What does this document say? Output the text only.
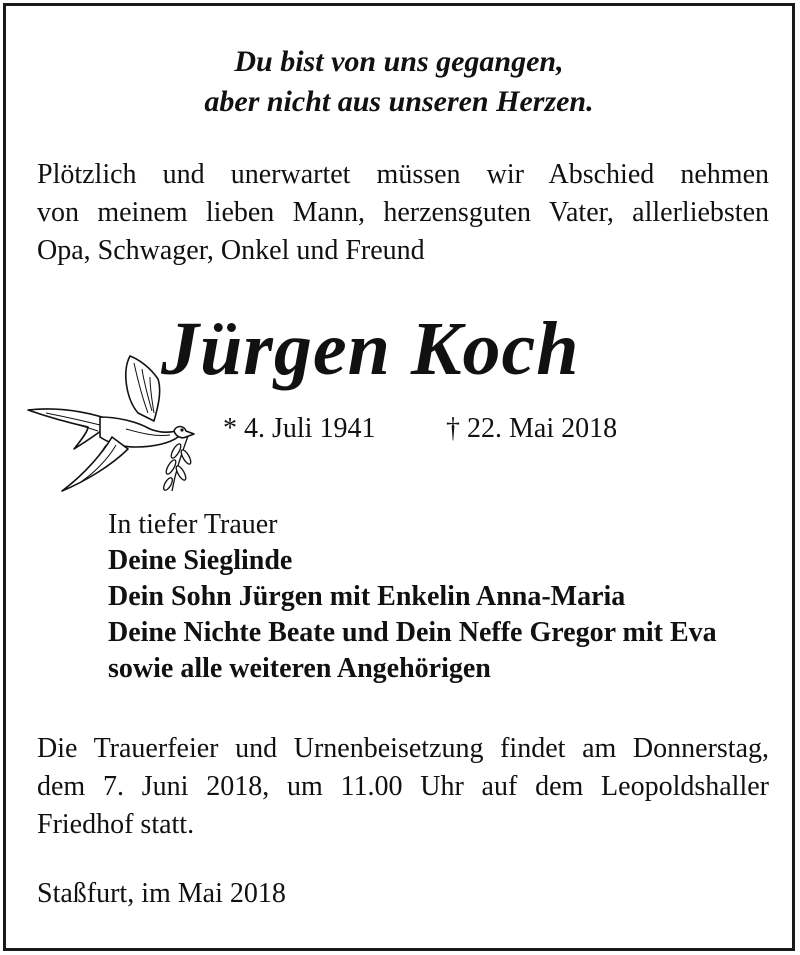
Du bist von uns gegangen,

aber nicht aus unseren Herzen.

Plötzlich und unerwartet müssen wir Abschied nehmen
von meinem lieben Mann, herzensguten Vater, allerliebsten
Opa, Schwager, Onkel und Freund

Jürgen Koch

* 4. Juli 1941	† 22. Mai 2018

In tiefer Trauer

Deine Sieglinde

Dein Sohn Jürgen mit Enkelin Anna-Maria

Deine Nichte Beate und Dein Neffe Gregor mit Eva

sowie alle weiteren Angehörigen

Die Trauerfeier und Urnenbeisetzung findet am Donnerstag,
dem 7. Juni 2018, um 11.00 Uhr auf dem Leopoldshaller
Friedhof statt.

Staßfurt, im Mai 2018
